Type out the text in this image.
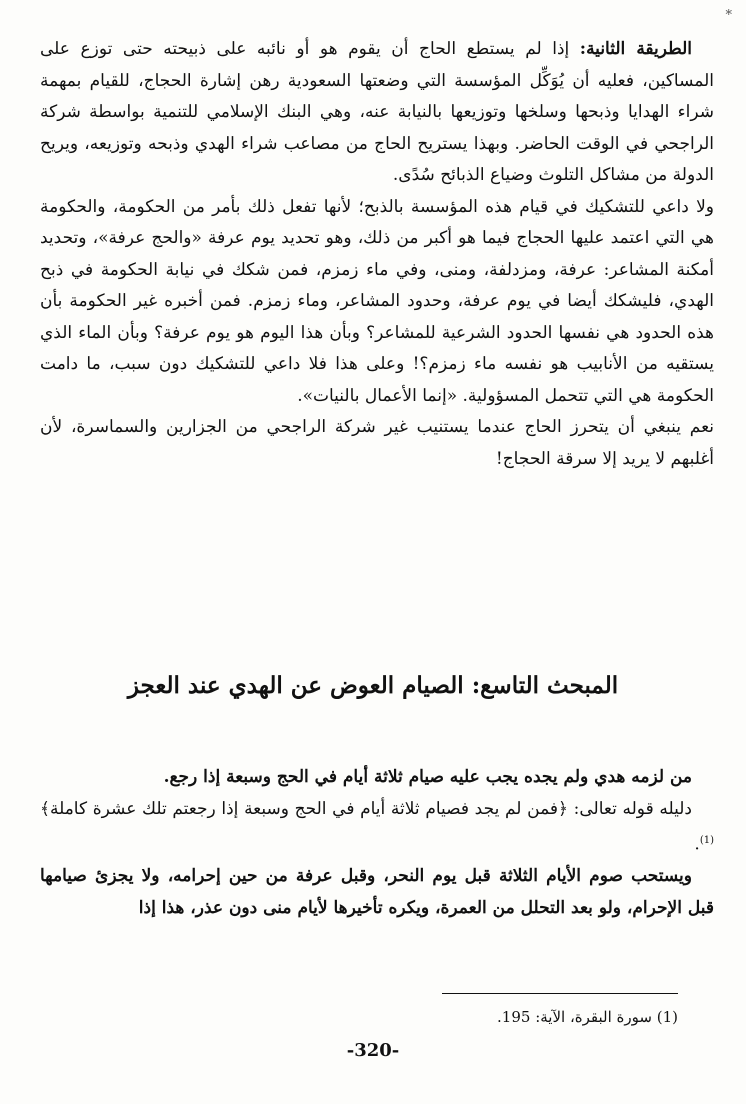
*

الطريقة الثانية: إذا لم يستطع الحاج أن يقوم هو أو نائبه على ذبيحته حتى توزع على المساكين، فعليه أن يُوَكِّل المؤسسة التي وضعتها السعودية رهن إشارة الحجاج، للقيام بمهمة شراء الهدايا وذبحها وسلخها وتوزيعها بالنيابة عنه، وهي البنك الإسلامي للتنمية بواسطة شركة الراجحي في الوقت الحاضر. وبهذا يستريح الحاج من مصاعب شراء الهدي وذبحه وتوزيعه، ويريح الدولة من مشاكل التلوث وضياع الذبائح سُدًى.

ولا داعي للتشكيك في قيام هذه المؤسسة بالذبح؛ لأنها تفعل ذلك بأمر من الحكومة، والحكومة هي التي اعتمد عليها الحجاج فيما هو أكبر من ذلك، وهو تحديد يوم عرفة «والحج عرفة»، وتحديد أمكنة المشاعر: عرفة، ومزدلفة، ومنى، وفي ماء زمزم، فمن شكك في نيابة الحكومة في ذبح الهدي، فليشكك أيضا في يوم عرفة، وحدود المشاعر، وماء زمزم. فمن أخبره غير الحكومة بأن هذه الحدود هي نفسها الحدود الشرعية للمشاعر؟ وبأن هذا اليوم هو يوم عرفة؟ وبأن الماء الذي يستقيه من الأنابيب هو نفسه ماء زمزم؟! وعلى هذا فلا داعي للتشكيك دون سبب، ما دامت الحكومة هي التي تتحمل المسؤولية. «إنما الأعمال بالنيات».

نعم ينبغي أن يتحرز الحاج عندما يستنيب غير شركة الراجحي من الجزارين والسماسرة، لأن أغلبهم لا يريد إلا سرقة الحجاج!

المبحث التاسع: الصيام العوض عن الهدي عند العجز

من لزمه هدي ولم يجده يجب عليه صيام ثلاثة أيام في الحج وسبعة إذا رجع.

دليله قوله تعالى: ﴿فمن لم يجد فصيام ثلاثة أيام في الحج وسبعة إذا رجعتم تلك عشرة كاملة﴾$^{(1)}$.

ويستحب صوم الأيام الثلاثة قبل يوم النحر، وقبل عرفة من حين إحرامه، ولا يجزئ صيامها قبل الإحرام، ولو بعد التحلل من العمرة، ويكره تأخيرها لأيام منى دون عذر، هذا إذا

(1) سورة البقرة، الآية: 195.
-320-
